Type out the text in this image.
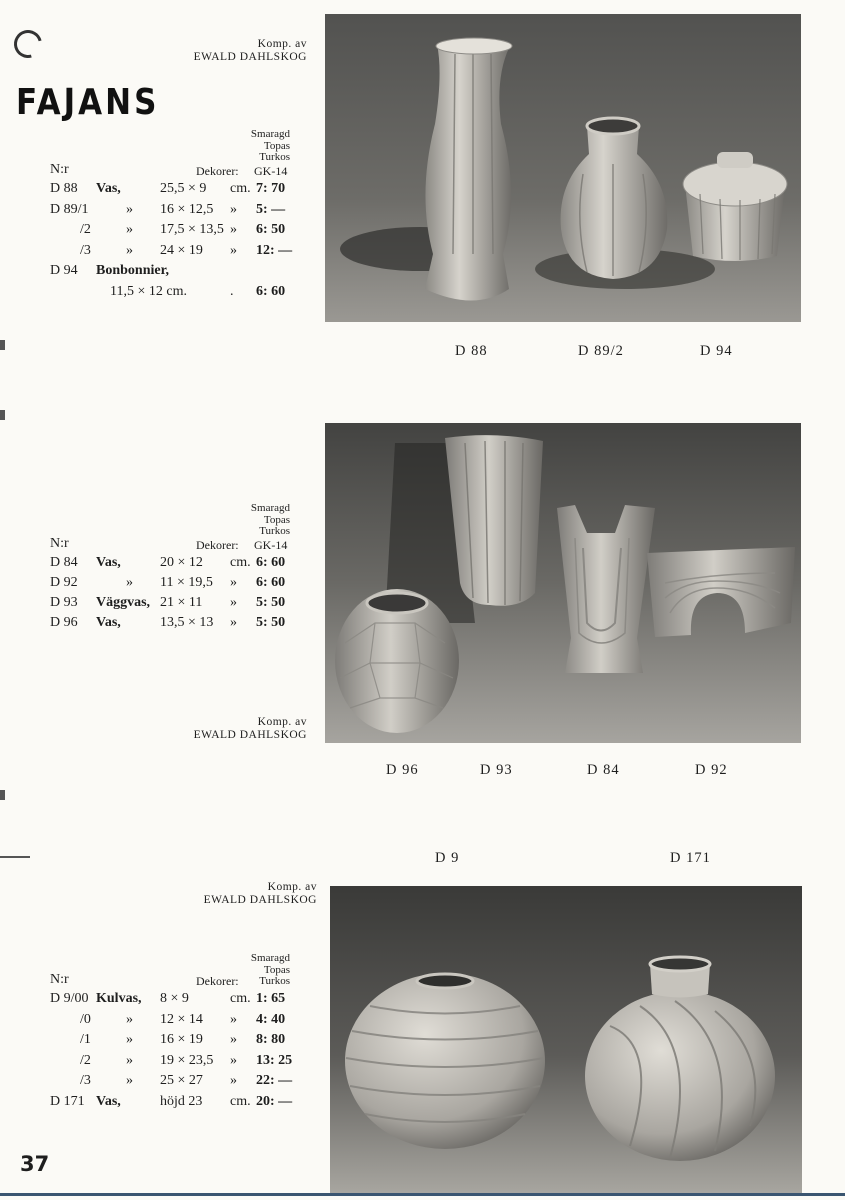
FAJANS
Komp. av
EWALD DAHLSKOG
Smaragd
Topas
Turkos
N:r	Dekorer: GK-14
D 88 Vas,	25,5 × 9 cm. 7: 70
D 89/1	» 16 × 12,5 » 5: —
/2	» 17,5 × 13,5 » 6: 50
/3	» 24 × 19 » 12: —
D 94 Bonbonnier,
11,5 × 12 cm.	. 6: 60
D 88	D 89/2	D 94
Smaragd
Topas
Turkos
N:r	Dekorer: GK-14
D 84 Vas,	20 × 12 cm. 6: 60
D 92	» 11 × 19,5 » 6: 60
D 93 Väggvas, 21 × 11 » 5: 50
D 96 Vas,	13,5 × 13 » 5: 50
Komp. av
EWALD DAHLSKOG
D 96	D 93	D 84	D 92
D 9	D 171
Komp. av
EWALD DAHLSKOG
Smaragd
Topas
Turkos
N:r	Dekorer:
D 9/00 Kulvas, 8 × 9	cm. 1: 65
/0	» 12 × 14 » 4: 40
/1	» 16 × 19 » 8: 80
/2	» 19 × 23,5 » 13: 25
/3	» 25 × 27 » 22: —
D 171 Vas,	höjd 23 cm. 20: —
37
